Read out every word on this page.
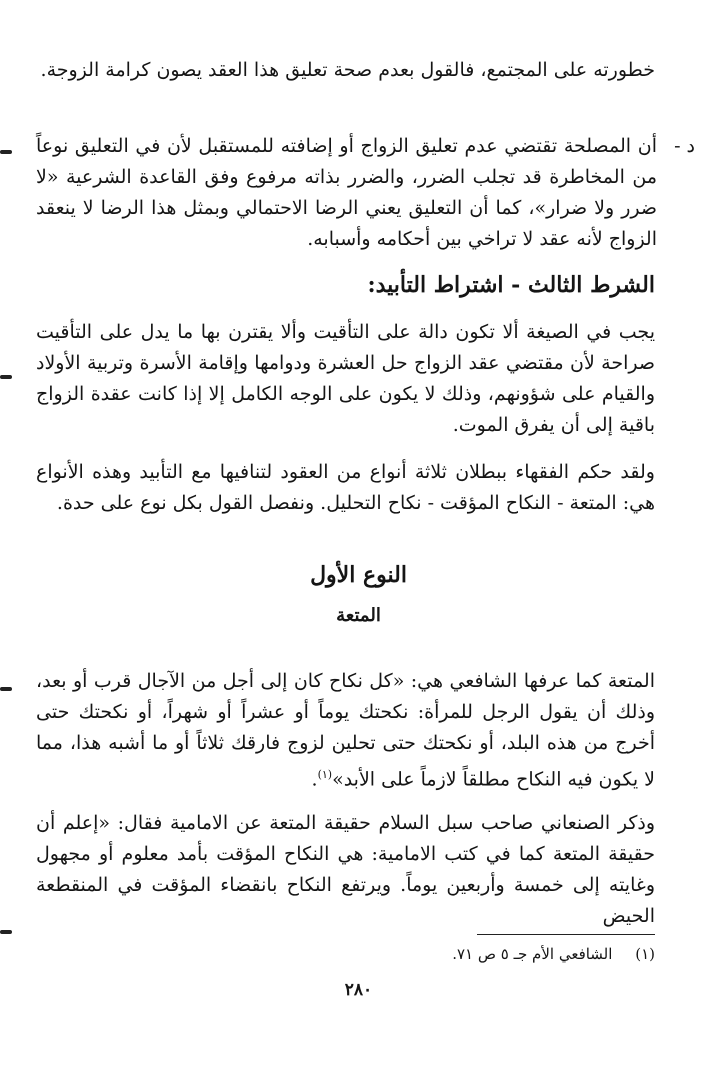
خطورته على المجتمع، فالقول بعدم صحة تعليق هذا العقد يصون كرامة الزوجة.

د -
أن المصلحة تقتضي عدم تعليق الزواج أو إضافته للمستقبل لأن في التعليق نوعاً من المخاطرة قد تجلب الضرر، والضرر بذاته مرفوع وفق القاعدة الشرعية «لا ضرر ولا ضرار»، كما أن التعليق يعني الرضا الاحتمالي وبمثل هذا الرضا لا ينعقد الزواج لأنه عقد لا تراخي بين أحكامه وأسبابه.

الشرط الثالث - اشتراط التأبيد:

يجب في الصيغة ألا تكون دالة على التأقيت وألا يقترن بها ما يدل على التأقيت صراحة لأن مقتضي عقد الزواج حل العشرة ودوامها وإقامة الأسرة وتربية الأولاد والقيام على شؤونهم، وذلك لا يكون على الوجه الكامل إلا إذا كانت عقدة الزواج باقية إلى أن يفرق الموت.

ولقد حكم الفقهاء ببطلان ثلاثة أنواع من العقود لتنافيها مع التأبيد وهذه الأنواع هي: المتعة - النكاح المؤقت - نكاح التحليل. ونفصل القول بكل نوع على حدة.

النوع الأول
المتعة

المتعة كما عرفها الشافعي هي: «كل نكاح كان إلى أجل من الآجال قرب أو بعد، وذلك أن يقول الرجل للمرأة: نكحتك يوماً أو عشراً أو شهراً، أو نكحتك حتى أخرج من هذه البلد، أو نكحتك حتى تحلين لزوج فارقك ثلاثاً أو ما أشبه هذا، مما لا يكون فيه النكاح مطلقاً لازماً على الأبد»$^{(١)}$.

وذكر الصنعاني صاحب سبل السلام حقيقة المتعة عن الامامية فقال: «إعلم أن حقيقة المتعة كما في كتب الامامية: هي النكاح المؤقت بأمد معلوم أو مجهول وغايته إلى خمسة وأربعين يوماً. ويرتفع النكاح بانقضاء المؤقت في المنقطعة الحيض

(١) الشافعي الأم جـ ٥ ص ٧١.

٢٨٠
